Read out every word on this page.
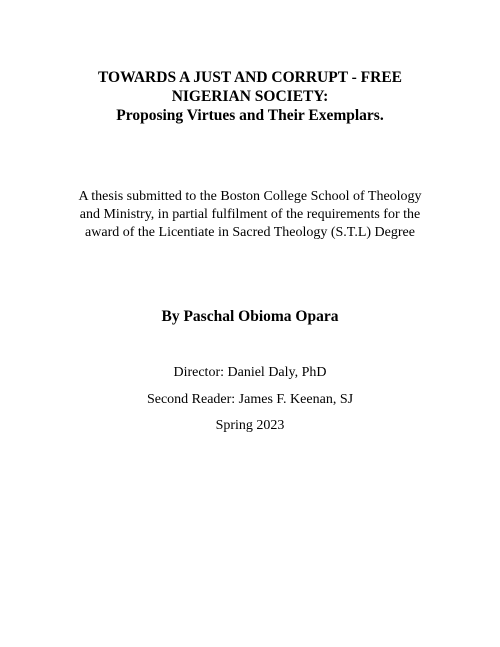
TOWARDS A JUST AND CORRUPT - FREE

NIGERIAN SOCIETY:

Proposing Virtues and Their Exemplars.

A thesis submitted to the Boston College School of Theology

and Ministry, in partial fulfilment of the requirements for the

award of the Licentiate in Sacred Theology (S.T.L) Degree

By Paschal Obioma Opara

Director: Daniel Daly, PhD

Second Reader: James F. Keenan, SJ

Spring 2023
